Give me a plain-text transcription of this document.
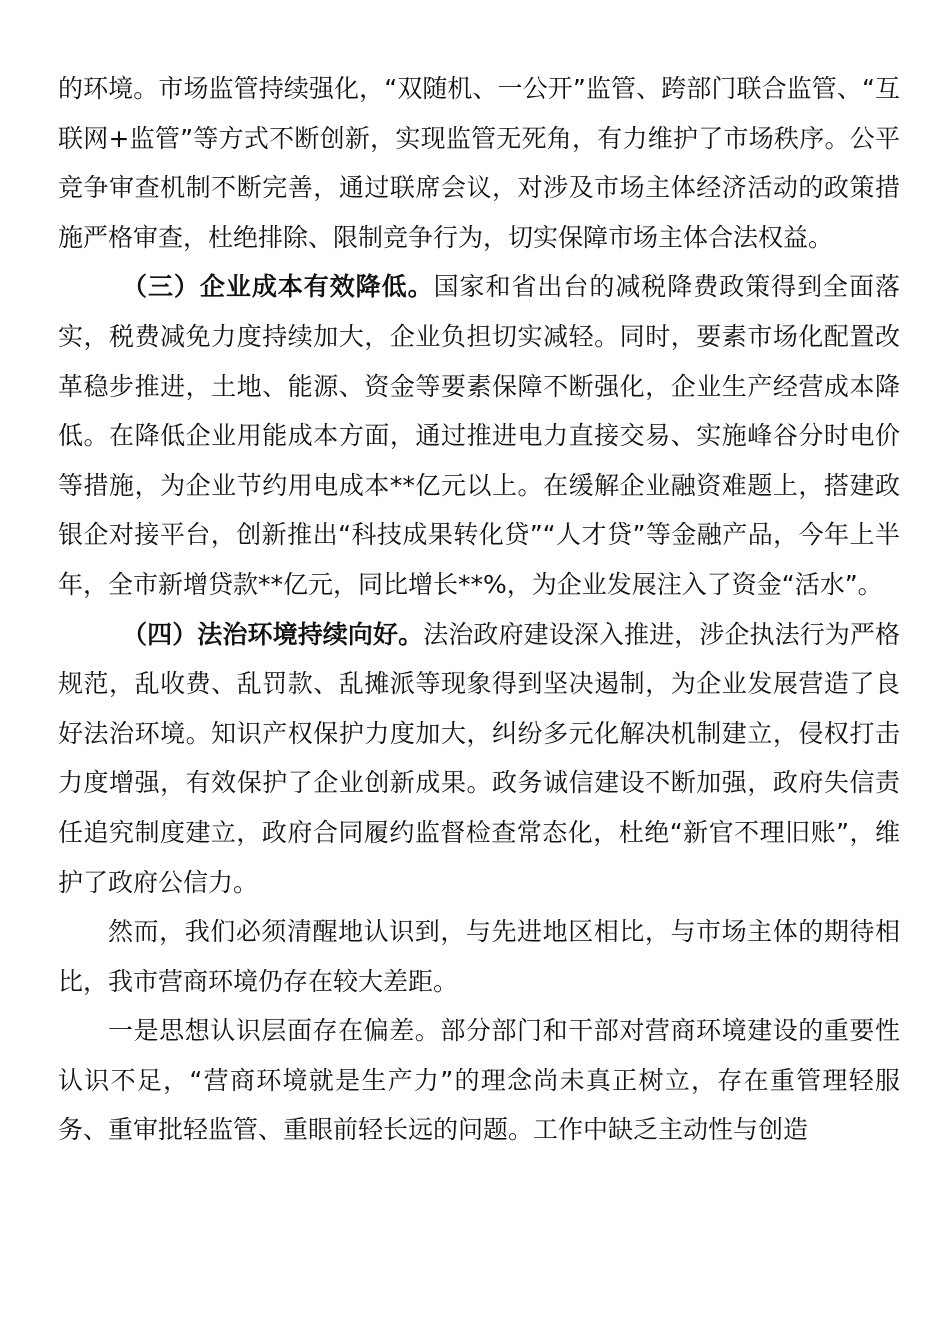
的环境。市场监管持续强化，“双随机、一公开”监管、跨部门联合监管、“互联网+监管”等方式不断创新，实现监管无死角，有力维护了市场秩序。公平竞争审查机制不断完善，通过联席会议，对涉及市场主体经济活动的政策措施严格审查，杜绝排除、限制竞争行为，切实保障市场主体合法权益。

（三）企业成本有效降低。国家和省出台的减税降费政策得到全面落实，税费减免力度持续加大，企业负担切实减轻。同时，要素市场化配置改革稳步推进，土地、能源、资金等要素保障不断强化，企业生产经营成本降低。在降低企业用能成本方面，通过推进电力直接交易、实施峰谷分时电价等措施，为企业节约用电成本**亿元以上。在缓解企业融资难题上，搭建政银企对接平台，创新推出“科技成果转化贷”“人才贷”等金融产品，今年上半年，全市新增贷款**亿元，同比增长**%，为企业发展注入了资金“活水”。

（四）法治环境持续向好。法治政府建设深入推进，涉企执法行为严格规范，乱收费、乱罚款、乱摊派等现象得到坚决遏制，为企业发展营造了良好法治环境。知识产权保护力度加大，纠纷多元化解决机制建立，侵权打击力度增强，有效保护了企业创新成果。政务诚信建设不断加强，政府失信责任追究制度建立，政府合同履约监督检查常态化，杜绝“新官不理旧账”，维护了政府公信力。

然而，我们必须清醒地认识到，与先进地区相比，与市场主体的期待相比，我市营商环境仍存在较大差距。

一是思想认识层面存在偏差。部分部门和干部对营商环境建设的重要性认识不足，“营商环境就是生产力”的理念尚未真正树立，存在重管理轻服务、重审批轻监管、重眼前轻长远的问题。工作中缺乏主动性与创造
